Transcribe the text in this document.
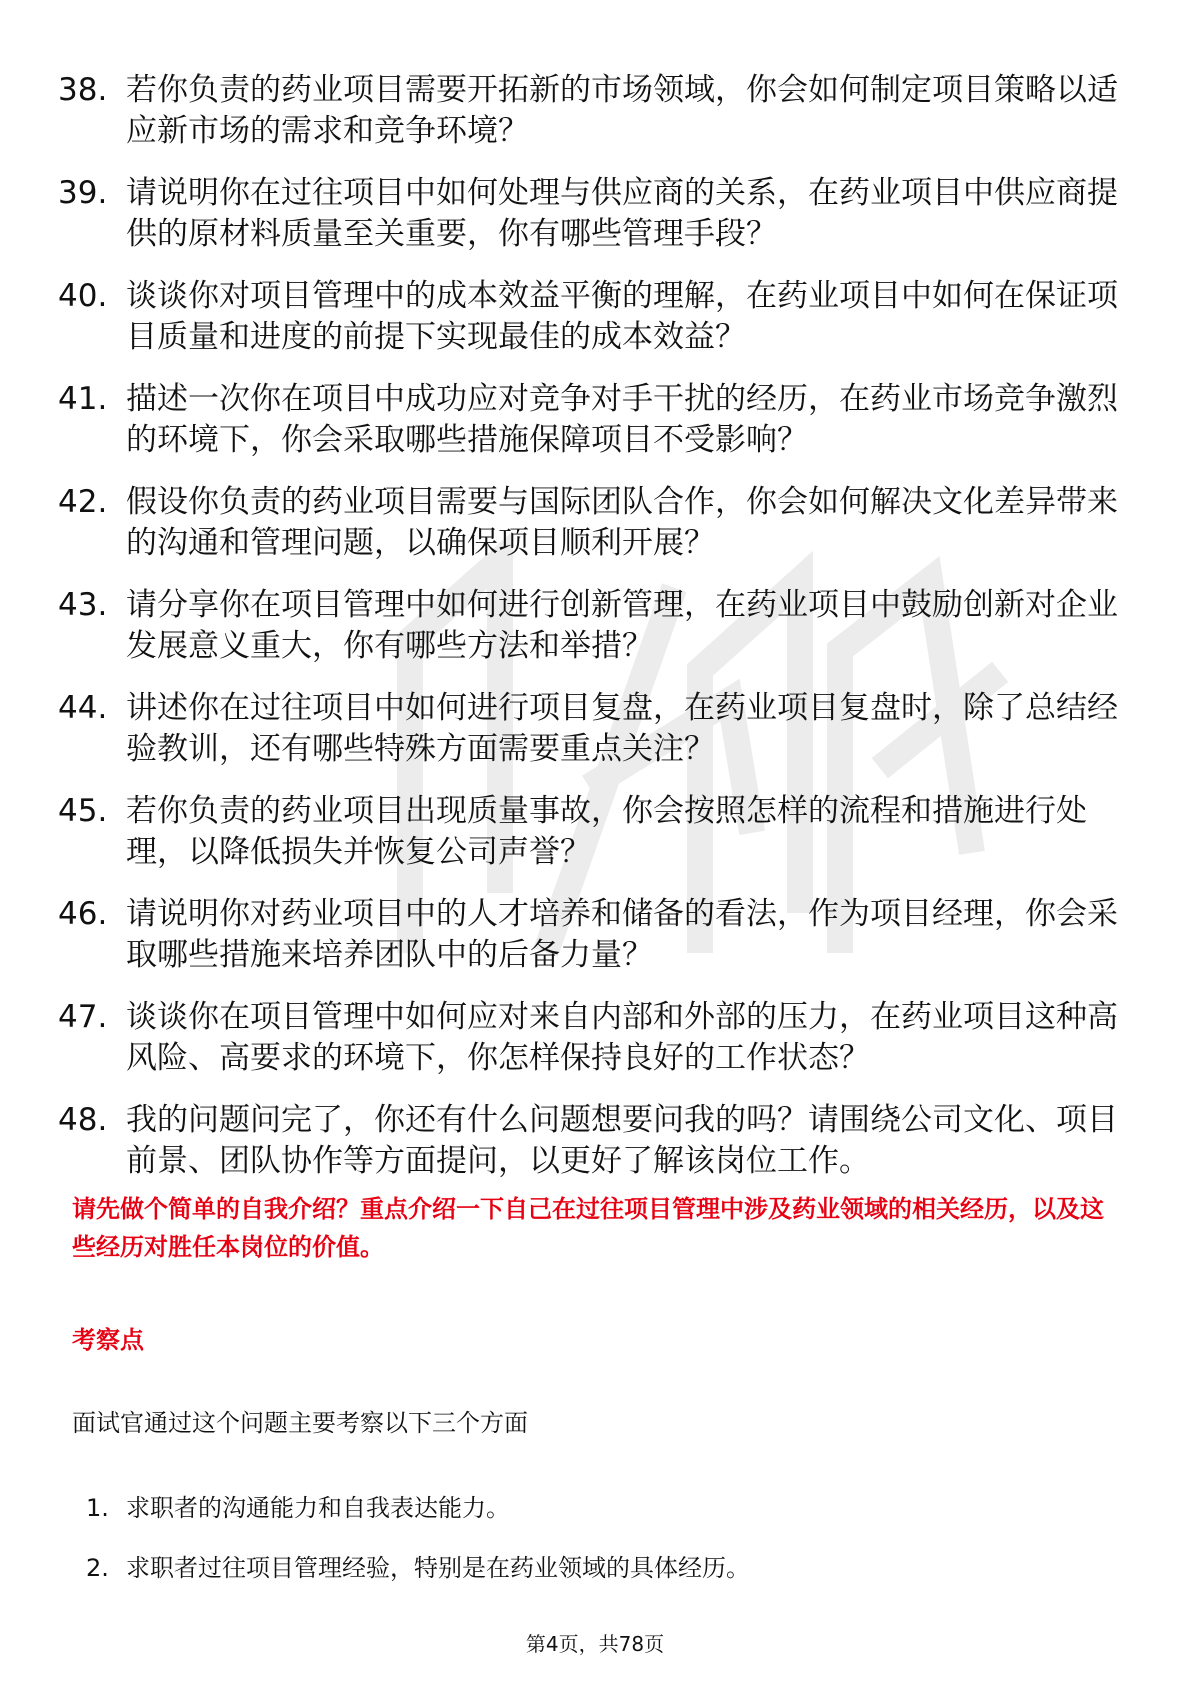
38. 若你负责的药业项目需要开拓新的市场领域，你会如何制定项目策略以适应新市场的需求和竞争环境？
39. 请说明你在过往项目中如何处理与供应商的关系，在药业项目中供应商提供的原材料质量至关重要，你有哪些管理手段？
40. 谈谈你对项目管理中的成本效益平衡的理解，在药业项目中如何在保证项目质量和进度的前提下实现最佳的成本效益？
41. 描述一次你在项目中成功应对竞争对手干扰的经历，在药业市场竞争激烈的环境下，你会采取哪些措施保障项目不受影响？
42. 假设你负责的药业项目需要与国际团队合作，你会如何解决文化差异带来的沟通和管理问题，以确保项目顺利开展？
43. 请分享你在项目管理中如何进行创新管理，在药业项目中鼓励创新对企业发展意义重大，你有哪些方法和举措？
44. 讲述你在过往项目中如何进行项目复盘，在药业项目复盘时，除了总结经验教训，还有哪些特殊方面需要重点关注？
45. 若你负责的药业项目出现质量事故，你会按照怎样的流程和措施进行处理，以降低损失并恢复公司声誉？
46. 请说明你对药业项目中的人才培养和储备的看法，作为项目经理，你会采取哪些措施来培养团队中的后备力量？
47. 谈谈你在项目管理中如何应对来自内部和外部的压力，在药业项目这种高风险、高要求的环境下，你怎样保持良好的工作状态？
48. 我的问题问完了，你还有什么问题想要问我的吗？请围绕公司文化、项目前景、团队协作等方面提问，以更好了解该岗位工作。

请先做个简单的自我介绍？重点介绍一下自己在过往项目管理中涉及药业领域的相关经历，以及这些经历对胜任本岗位的价值。

考察点

面试官通过这个问题主要考察以下三个方面

1. 求职者的沟通能力和自我表达能力。
2. 求职者过往项目管理经验，特别是在药业领域的具体经历。
第4页，共78页
